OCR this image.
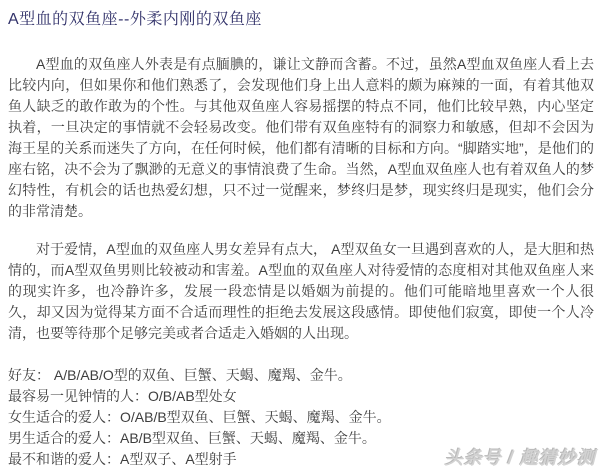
A型血的双鱼座--外柔内刚的双鱼座

A型血的双鱼座人外表是有点腼腆的，谦让文静而含蓄。不过，虽然A型血双鱼座人看上去比较内向，但如果你和他们熟悉了，会发现他们身上出人意料的颇为麻辣的一面，有着其他双鱼人缺乏的敢作敢为的个性。与其他双鱼座人容易摇摆的特点不同，他们比较早熟，内心坚定执着，一旦决定的事情就不会轻易改变。他们带有双鱼座特有的洞察力和敏感，但却不会因为海王星的关系而迷失了方向，在任何时候，他们都有清晰的目标和方向。“脚踏实地”，是他们的座右铭，决不会为了飘渺的无意义的事情浪费了生命。当然，A型血双鱼座人也有着双鱼人的梦幻特性，有机会的话也热爱幻想，只不过一觉醒来，梦终归是梦，现实终归是现实，他们会分的非常清楚。

对于爱情，A型血的双鱼座人男女差异有点大， A型双鱼女一旦遇到喜欢的人，是大胆和热情的，而A型双鱼男则比较被动和害羞。A型血的双鱼座人对待爱情的态度相对其他双鱼座人来的现实许多，也冷静许多，发展一段恋情是以婚姻为前提的。他们可能暗地里喜欢一个人很久，却又因为觉得某方面不合适而理性的拒绝去发展这段感情。即使他们寂寞，即使一个人冷清，也要等待那个足够完美或者合适走入婚姻的人出现。

好友： A/B/AB/O型的双鱼、巨蟹、天蝎、魔羯、金牛。
最容易一见钟情的人：O/B/AB型处女
女生适合的爱人：O/AB/B型双鱼、巨蟹、天蝎、魔羯、金牛。
男生适合的爱人：AB/B型双鱼、巨蟹、天蝎、魔羯、金牛。
最不和谐的爱人：A型双子、A型射手	头条号 / 趣猜妙测
